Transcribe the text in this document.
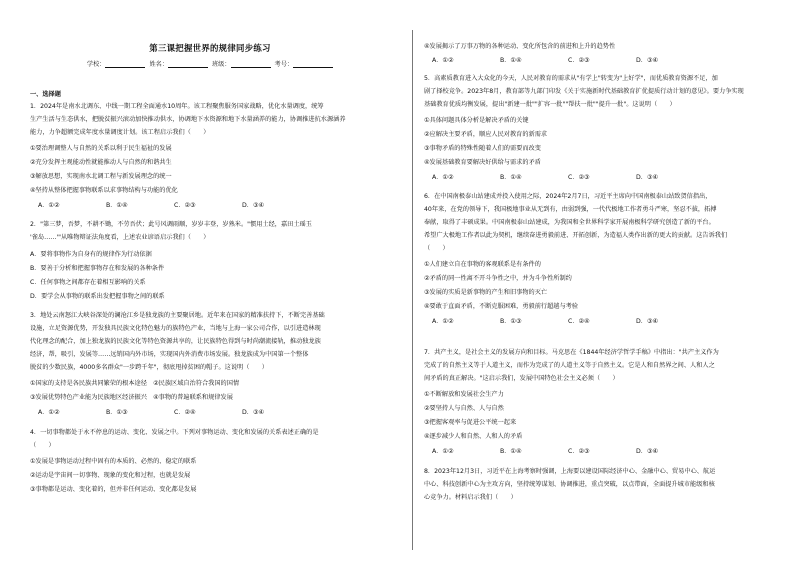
第三课把握世界的规律同步练习
学校：	姓名：	班级：	考号：
一、选择题
1．2024年是南水北调东、中线一期工程全面通水10周年。该工程聚焦服务国家战略，优化水量调度，统筹
生产生活与生态供水，把脱贫振兴滚动加快推动供水，协调地下水资源和地下水量涵养的能力，协调推进抗水源涵养
能力，力争超额完成年度水量调度计划。该工程启示我们（　　）
①要治理调整人与自然的关系以利于民生福祉的发展
②充分发挥主观能动性就能推动人与自然的和谐共生
③解放思想，实现南水北调工程与新发展理念的统一
④坚持从整体把握事物联系以求事物结构与功能的优化
A．①②	B．①④	C．②③	D．③④
2．"第三梦，吾梦，不耕不锄，不劳吾伏；此号风调雨顺，岁岁丰登，岁熟米。"惯用土经，嘉田土瑶玉
'雀岛……'"从唯物辩证法角度看，上述农业谚语启示我们（　　）
A．要将事物作为自身有的规律作为行动依据
B．要善于分析和把握事物存在和发展的各种条件
C．任何事物之间都存在着相互影响的关系
D．要学会从事物的联系出发把握事物之间的联系
3．地处云南怒江大峡谷深处的澜沧江乡是独龙族的主要聚居地。近年来在国家的精准扶持下，不断完善基础
设施，立足资源优势，开发独具民族文化特色魅力的族特色产业，当地与上海一家公司合作，以引进造林现
代化理念的配合，加上独龙族的民族文化等特色资源共享的，让民族特色得到与时尚潮流接轨，推动独龙族
经济，帮，吸引，发展等……远销国内外市场，实现国内外消费市场发展。独龙族成为中国第一个整体
脱贫的少数民族，4000多名群众"一步跨千年"，彻底甩掉贫困的帽子。这说明（　　）
①国家的支持是各民族共同繁荣的根本途径　②民族区域自治符合我国的国情
③发展优势特色产业能为民族地区经济振兴　④事物的普遍联系和规律发展
A．①②	B．①③	C．②④	D．③④
4．一切事物都处于永不停息的运动、变化、发展之中。下列对事物运动、变化和发展的关系表述正确的是
（　　）
①发展是事物运动过程中固有的本质的、必然的、稳定的联系
②运动是宇宙间一切事物、现象的变化和过程，也就是发展
③事物都是运动、变化着的，但并非任何运动、变化都是发展
④发展揭示了万事万物的各种运动、变化所包含的前进和上升的趋势性
A．①②	B．①④	C．②③	D．③④
5．高素质教育进入大众化的今天，人民对教育的需求从"有学上"转变为"上好学"，而优质教育资源不足，加
剧了择校竞争。2023年8月，教育部等九部门印发《关于实施新时代基础教育扩优提质行动计划的意见》。要力争实现
基础教育优质均衡发展，提出"新建一批""扩容一批""帮扶一批""提升一批"。这说明（　　）
①具体问题具体分析是解决矛盾的关键
②应解决主要矛盾，顺应人民对教育的新需求
③事物矛盾的特殊性随着人们的需要而改变
④发展基础教育要解决好供给与需求的矛盾
A．①②	B．①④	C．②③	D．③④
6．在中国南极泰山站建成并投入使用之际，2024年2月7日，习近平主席向中国南极泰山站致贺信指出，
40年来，在党的领导下，我国极地事业从无到有，由弱到强，一代代极地工作者勇斗严寒，坚忍不拔，拓搏
奉献，取得了丰硕成果。中国南极泰山站建成，为我国和全世界科学家开展南极科学研究创造了新的平台。
希望广大极地工作者以此为契机，继续奋进勇毅前进、开拓创新，为造福人类作出新的更大的贡献。这告诉我们
（　　）
①人们建立自在事物的客观联系是有条件的
②矛盾的同一性离不开斗争性之中，并为斗争性所制约
③发展的实质是新事物的产生和旧事物的灭亡
④要敢于直面矛盾，不断克服困难，勇毅前行超越与考验
A．①②	B．①③	C．②④	D．③④
7．共产主义，是社会主义的发展方向和目标。马克思在《1844年经济学哲学手稿》中指出："共产主义作为
完成了的自然主义等于人道主义，而作为完成了的人道主义等于自然主义。它是人和自然界之间、人和人之
间矛盾的真正解决。"这启示我们，发展中国特色社会主义必须（　　）
①不断解放和发展社会生产力
②要坚持人与自然、人与自然
③把握客观率与促进公平统一起来
④逐步减少人和自然、人和人的矛盾
A．①②	B．①④	C．②③	D．③④
8．2023年12月3日，习近平在上海考察时强调，上海要以建设国际经济中心、金融中心、贸易中心、航运
中心、科技创新中心为主攻方向，坚持统筹谋划、协调推进，重点突破，以点带面，全面提升城市能级和核
心竞争力。材料启示我们（　　）
